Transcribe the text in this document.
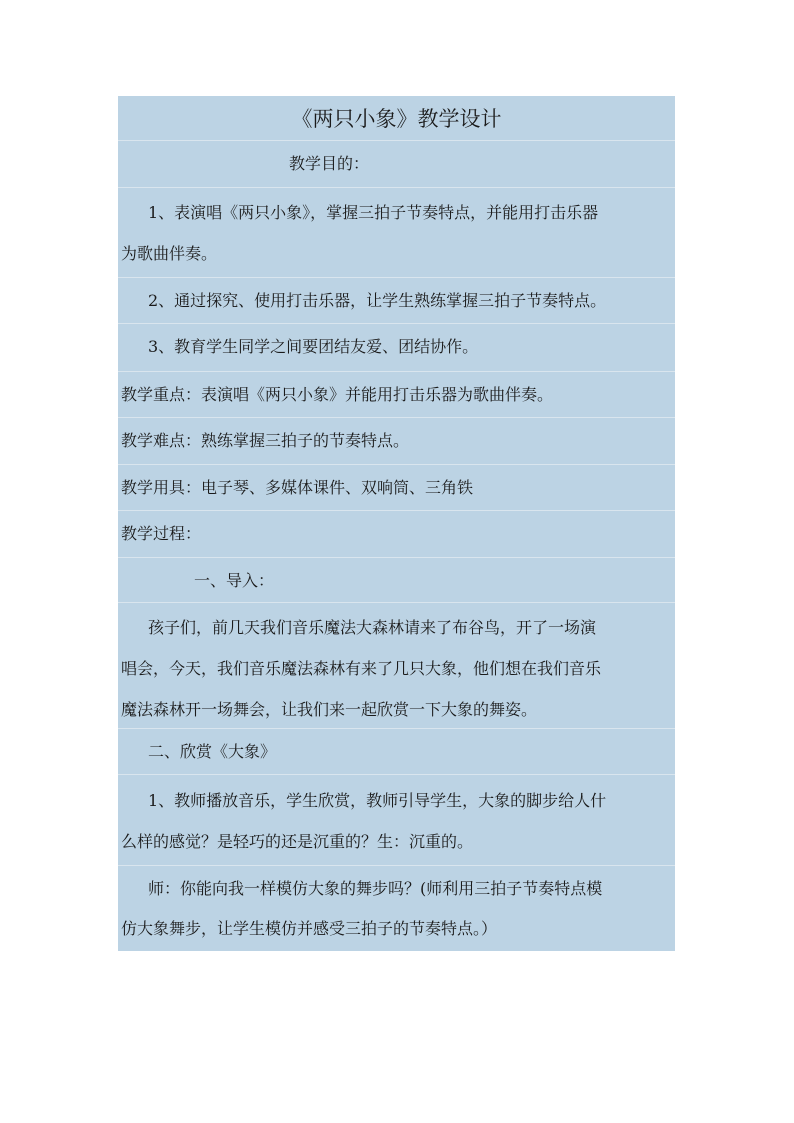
《两只小象》教学设计
教学目的：
1、表演唱《两只小象》，掌握三拍子节奏特点，并能用打击乐器
为歌曲伴奏。
2、通过探究、使用打击乐器，让学生熟练掌握三拍子节奏特点。
3、教育学生同学之间要团结友爱、团结协作。
教学重点：表演唱《两只小象》并能用打击乐器为歌曲伴奏。
教学难点：熟练掌握三拍子的节奏特点。
教学用具：电子琴、多媒体课件、双响筒、三角铁
教学过程：
一、导入：
孩子们，前几天我们音乐魔法大森林请来了布谷鸟，开了一场演
唱会，今天，我们音乐魔法森林有来了几只大象，他们想在我们音乐
魔法森林开一场舞会，让我们来一起欣赏一下大象的舞姿。
二、欣赏《大象》
1、教师播放音乐，学生欣赏，教师引导学生，大象的脚步给人什
么样的感觉？是轻巧的还是沉重的？生：沉重的。
师：你能向我一样模仿大象的舞步吗？(师利用三拍子节奏特点模
仿大象舞步，让学生模仿并感受三拍子的节奏特点。）
